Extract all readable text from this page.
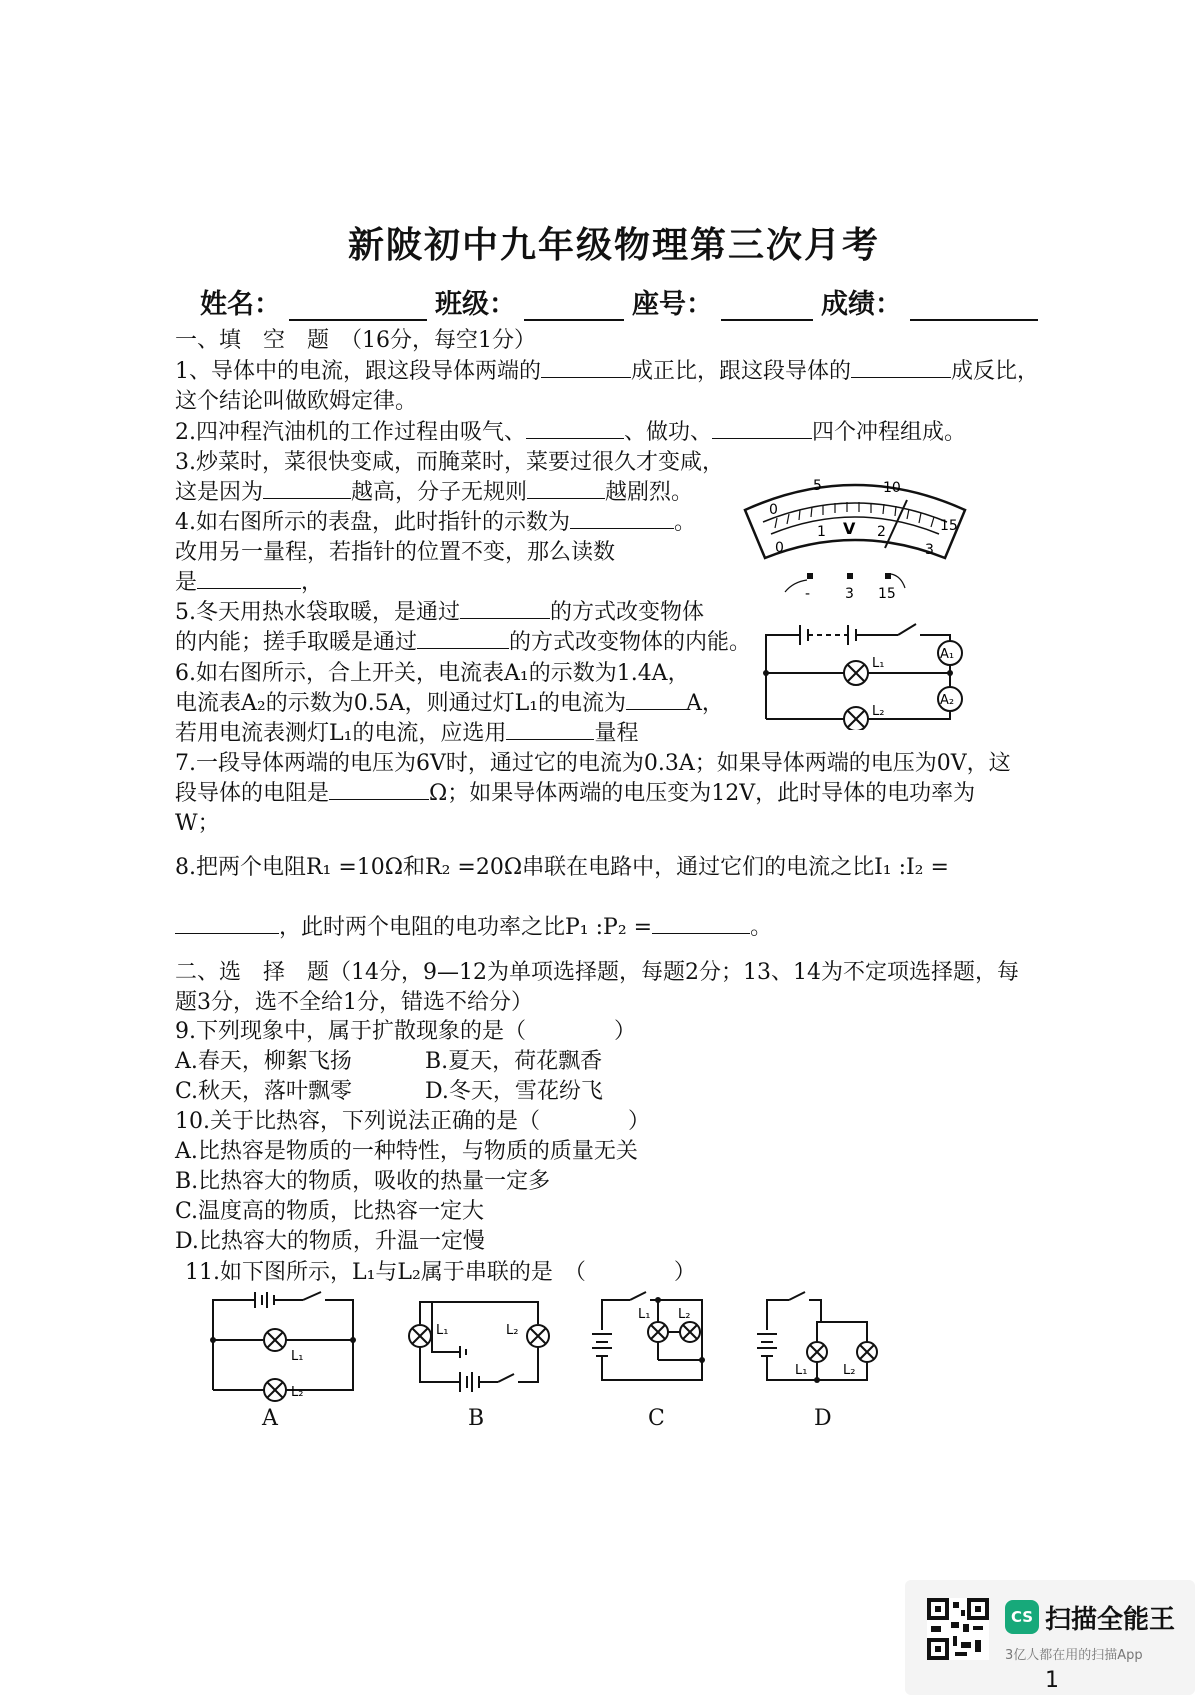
新陂初中九年级物理第三次月考
姓名：	班级：	座号：	成绩：
一、填　空　题　（16分，每空1分）
1、导体中的电流，跟这段导体两端的	成正比，跟这段导体的	成反比，
这个结论叫做欧姆定律。
2.四冲程汽油机的工作过程由吸气、	、做功、	四个冲程组成。
3.炒菜时，菜很快变咸，而腌菜时，菜要过很久才变咸，
这是因为	越高，分子无规则	越剧烈。
4.如右图所示的表盘，此时指针的示数为	。
改用另一量程，若指针的位置不变，那么读数
是	，
5.冬天用热水袋取暖，是通过	的方式改变物体
的内能；搓手取暖是通过	的方式改变物体的内能。
6.如右图所示，合上开关，电流表A₁的示数为1.4A，
电流表A₂的示数为0.5A，则通过灯L₁的电流为	A，
若用电流表测灯L₁的电流，应选用	量程
7.一段导体两端的电压为6V时，通过它的电流为0.3A；如果导体两端的电压为0V，这
段导体的电阻是	Ω；如果导体两端的电压变为12V，此时导体的电功率为
W；
8.把两个电阻R₁ =10Ω和R₂ =20Ω串联在电路中，通过它们的电流之比I₁ :I₂ =
，此时两个电阻的电功率之比P₁ :P₂ =	。
二、选　择　题（14分，9—12为单项选择题，每题2分；13、14为不定项选择题，每
题3分，选不全给1分，错选不给分）
9.下列现象中，属于扩散现象的是（　　　　）
A.春天，柳絮飞扬	B.夏天，荷花飘香
C.秋天，落叶飘零	D.冬天，雪花纷飞
10.关于比热容，下列说法正确的是（　　　　）
A.比热容是物质的一种特性，与物质的质量无关
B.比热容大的物质，吸收的热量一定多
C.温度高的物质，比热容一定大
D.比热容大的物质，升温一定慢
11.如下图所示，L₁与L₂属于串联的是　（　　　　）
0
5	10
15
0
1	2
3
V
- 3 15
A₁
A₂
L₁
L₂
L₁
L₂
A
L₁	L₂
B
L₁ L₂
C
L₁	L₂
D
CS 扫描全能王
3亿人都在用的扫描App
1
